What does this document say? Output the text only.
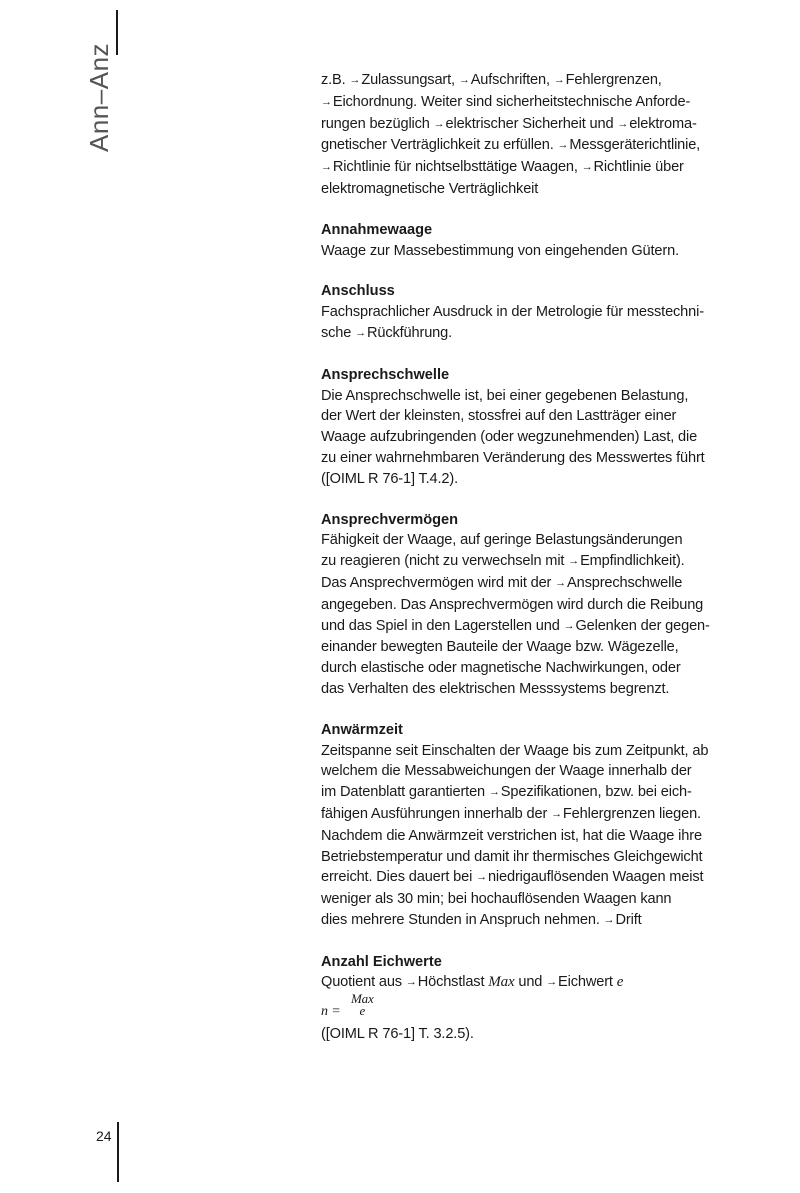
Ann–Anz	z.B. →Zulassungsart, →Aufschriften, →Fehlergrenzen,

→Eichordnung. Weiter sind sicherheitstechnische Anforde-

rungen bezüglich →elektrischer Sicherheit und →elektroma-

gnetischer Verträglichkeit zu erfüllen. →Messgeräterichtlinie,

→Richtlinie für nichtselbsttätige Waagen, →Richtlinie über

elektromagnetische Verträglichkeit

Annahmewaage

Waage zur Massebestimmung von eingehenden Gütern.

Anschluss

Fachsprachlicher Ausdruck in der Metrologie für messtechni-

sche →Rückführung.

Ansprechschwelle

Die Ansprechschwelle ist, bei einer gegebenen Belastung,

der Wert der kleinsten, stossfrei auf den Lastträger einer

Waage aufzubringenden (oder wegzunehmenden) Last, die

zu einer wahrnehmbaren Veränderung des Messwertes führt

([OIML R 76-1] T.4.2).

Ansprechvermögen

Fähigkeit der Waage, auf geringe Belastungsänderungen

zu reagieren (nicht zu verwechseln mit →Empfindlichkeit).

Das Ansprechvermögen wird mit der →Ansprechschwelle

angegeben. Das Ansprechvermögen wird durch die Reibung

und das Spiel in den Lagerstellen und →Gelenken der gegen-

einander bewegten Bauteile der Waage bzw. Wägezelle,

durch elastische oder magnetische Nachwirkungen, oder

das Verhalten des elektrischen Messsystems begrenzt.

Anwärmzeit

Zeitspanne seit Einschalten der Waage bis zum Zeitpunkt, ab

welchem die Messabweichungen der Waage innerhalb der

im Datenblatt garantierten →Spezifikationen, bzw. bei eich-

fähigen Ausführungen innerhalb der →Fehlergrenzen liegen.

Nachdem die Anwärmzeit verstrichen ist, hat die Waage ihre

Betriebstemperatur und damit ihr thermisches Gleichgewicht

erreicht. Dies dauert bei →niedrigauflösenden Waagen meist

weniger als 30 min; bei hochauflösenden Waagen kann

dies mehrere Stunden in Anspruch nehmen. →Drift

Anzahl Eichwerte

Quotient aus →Höchstlast Max und →Eichwert e

n =
Max
e

([OIML R 76-1] T. 3.2.5).

24
